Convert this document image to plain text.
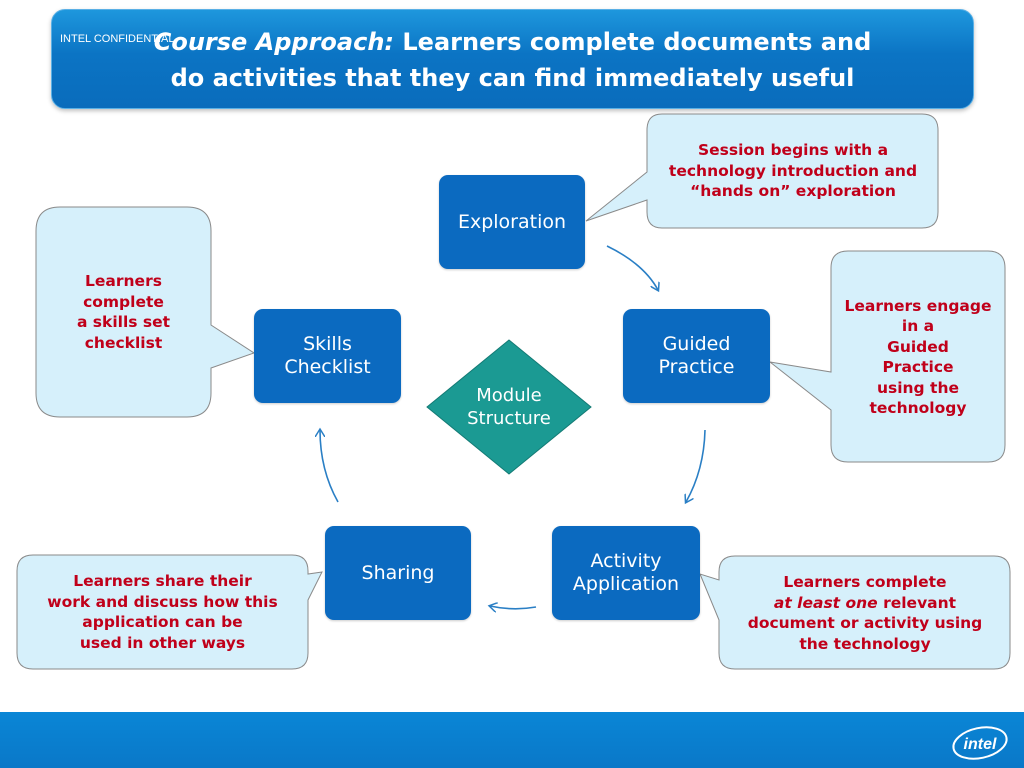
Course Approach: Learners complete documents and
do activities that they can find immediately useful
Exploration
Guided
Practice
Activity
Application
Sharing
Skills
Checklist
Module
Structure
Session begins with a
technology introduction and
“hands on” exploration
Learners engage
in a
Guided
Practice
using the
technology
Learners complete
at least one relevant
document or activity using
the technology
Learners share their
work and discuss how this
application can be
used in other ways
Learners
complete
a skills set
checklist
9	INTEL CONFIDENTIAL
intel
